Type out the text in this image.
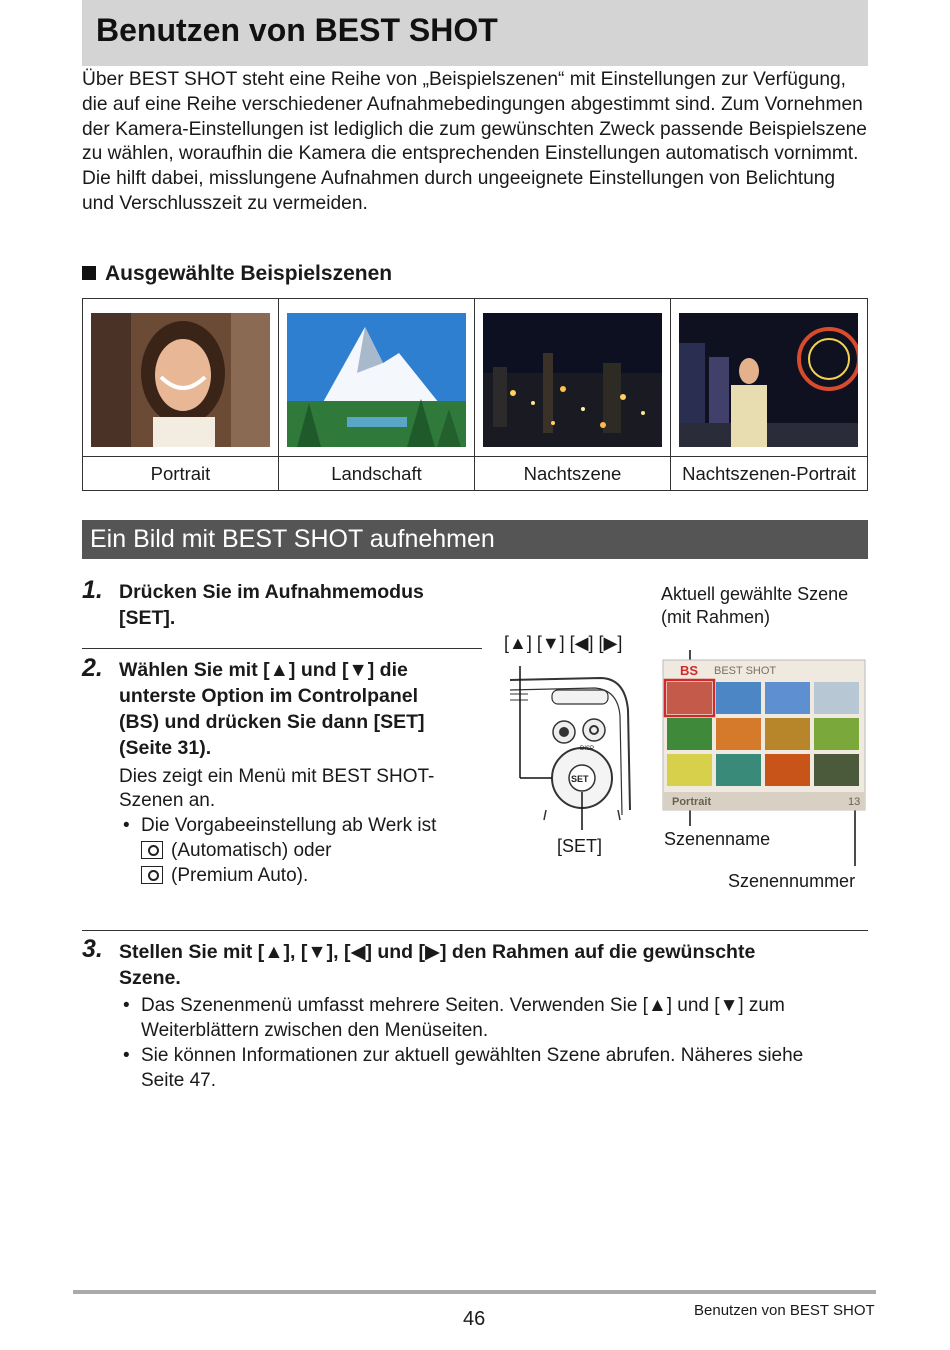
Benutzen von BEST SHOT

Über BEST SHOT steht eine Reihe von „Beispielszenen“ mit Einstellungen zur Verfügung, die auf eine Reihe verschiedener Aufnahmebedingungen abgestimmt sind. Zum Vornehmen der Kamera-Einstellungen ist lediglich die zum gewünschten Zweck passende Beispielszene zu wählen, woraufhin die Kamera die entsprechenden Einstellungen automatisch vornimmt. Die hilft dabei, misslungene Aufnahmen durch ungeeignete Einstellungen von Belichtung und Verschlusszeit zu vermeiden.

Ausgewählte Beispielszenen
Portrait	Landschaft	Nachtszene	Nachtszenen-Portrait
Ein Bild mit BEST SHOT aufnehmen
1. Drücken Sie im Aufnahmemodus
[SET].
2. Wählen Sie mit [▲] und [▼] die
unterste Option im Controlpanel
(BS) und drücken Sie dann [SET]
(Seite 31).
Dies zeigt ein Menü mit BEST SHOT-
Szenen an.
• Die Vorgabeeinstellung ab Werk ist
(Automatisch) oder
(Premium Auto).
[▲] [▼] [◀] [▶]
[SET]
Aktuell gewählte Szene
(mit Rahmen)
Szenenname
Szenennummer
SET
DISP
BS BEST SHOT
Portrait	13
3. Stellen Sie mit [▲], [▼], [◀] und [▶] den Rahmen auf die gewünschte
Szene.
• Das Szenenmenü umfasst mehrere Seiten. Verwenden Sie [▲] und [▼] zum
Weiterblättern zwischen den Menüseiten.
• Sie können Informationen zur aktuell gewählten Szene abrufen. Näheres siehe
Seite 47.
46	Benutzen von BEST SHOT
